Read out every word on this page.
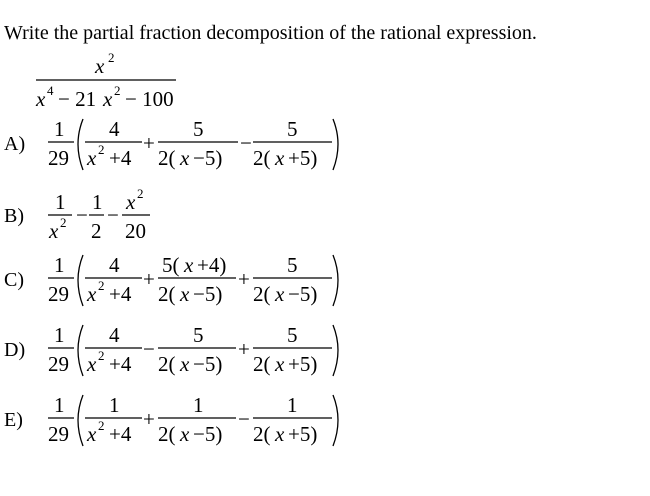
Write the partial fraction decomposition of the rational expression.
x 2
x 4 − 21 x 2 − 100
A)
1
29
4
x 2 +4
+
5
2( x −5)
−
5
2( x +5)
B)
1
x 2 −
1
2
−
x 2
20
C)
1
29
4
x 2 +4
+
5( x +4)
2( x −5)
+
5
2( x −5)
D)
1
29
4
x 2 +4
−
5
2( x −5)
+
5
2( x +5)
E)
1
29
1
x 2 +4
+
1
2( x −5)
−
1
2( x +5)
